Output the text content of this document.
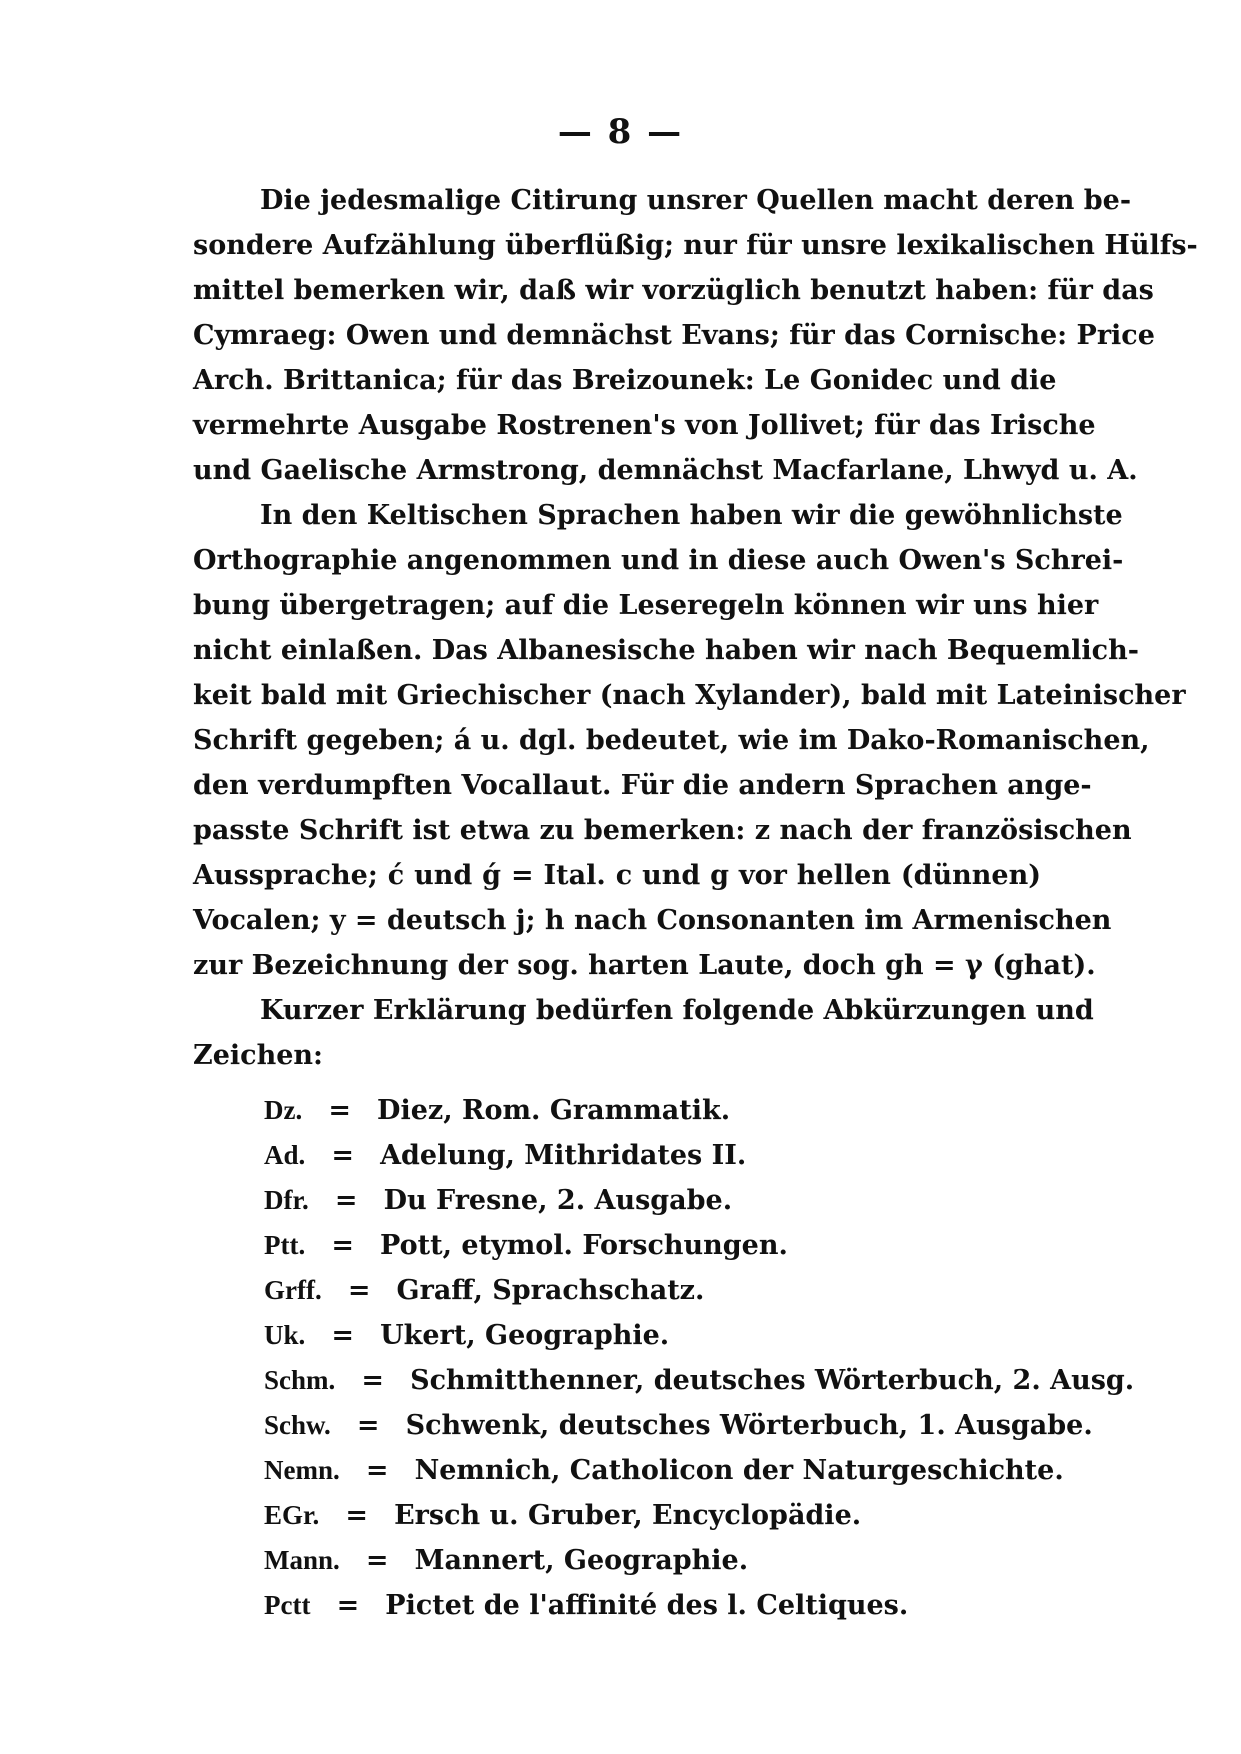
— 8 —
Die jedesmalige Citirung unsrer Quellen macht deren be-
sondere Aufzählung überflüßig; nur für unsre lexikalischen Hülfs-
mittel bemerken wir, daß wir vorzüglich benutzt haben: für das
Cymraeg: Owen und demnächst Evans; für das Cornische: Price
Arch. Brittanica; für das Breizounek: Le Gonidec und die
vermehrte Ausgabe Rostrenen's von Jollivet; für das Irische
und Gaelische Armstrong, demnächst Macfarlane, Lhwyd u. A.
In den Keltischen Sprachen haben wir die gewöhnlichste
Orthographie angenommen und in diese auch Owen's Schrei-
bung übergetragen; auf die Leseregeln können wir uns hier
nicht einlaßen. Das Albanesische haben wir nach Bequemlich-
keit bald mit Griechischer (nach Xylander), bald mit Lateinischer
Schrift gegeben; á u. dgl. bedeutet, wie im Dako-Romanischen,
den verdumpften Vocallaut. Für die andern Sprachen ange-
passte Schrift ist etwa zu bemerken: z nach der französischen
Aussprache; ć und ǵ = Ital. c und g vor hellen (dünnen)
Vocalen; y = deutsch j; h nach Consonanten im Armenischen
zur Bezeichnung der sog. harten Laute, doch gh = γ (ghat).
Kurzer Erklärung bedürfen folgende Abkürzungen und
Zeichen:
Dz. = Diez, Rom. Grammatik.
Ad. = Adelung, Mithridates II.
Dfr. = Du Fresne, 2. Ausgabe.
Ptt. = Pott, etymol. Forschungen.
Grff. = Graff, Sprachschatz.
Uk. = Ukert, Geographie.
Schm. = Schmitthenner, deutsches Wörterbuch, 2. Ausg.
Schw. = Schwenk, deutsches Wörterbuch, 1. Ausgabe.
Nemn. = Nemnich, Catholicon der Naturgeschichte.
EGr. = Ersch u. Gruber, Encyclopädie.
Mann. = Mannert, Geographie.
Pctt = Pictet de l'affinité des l. Celtiques.
